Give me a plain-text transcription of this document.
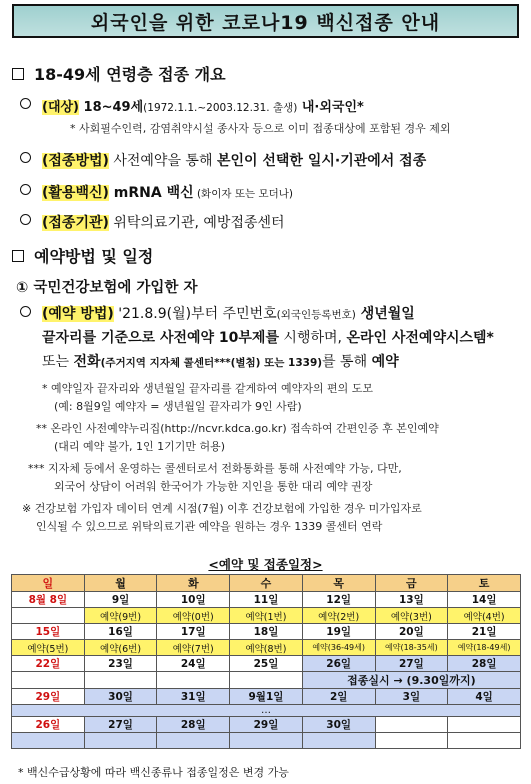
외국인을 위한 코로나19 백신접종 안내
18-49세 연령층 접종 개요
(대상) 18~49세(1972.1.1.~2003.12.31. 출생) 내·외국인*
* 사회필수인력, 감염취약시설 종사자 등으로 이미 접종대상에 포함된 경우 제외
(접종방법) 사전예약을 통해 본인이 선택한 일시·기관에서 접종
(활용백신) mRNA 백신 (화이자 또는 모더나)
(접종기관) 위탁의료기관, 예방접종센터
예약방법 및 일정
① 국민건강보험에 가입한 자
(예약 방법) '21.8.9(월)부터 주민번호(외국인등록번호) 생년월일
끝자리를 기준으로 사전예약 10부제를 시행하며, 온라인 사전예약시스템*
또는 전화(주거지역 지자체 콜센터***(별첨) 또는 1339)를 통해 예약
* 예약일자 끝자리와 생년월일 끝자리를 같게하여 예약자의 편의 도모
(예: 8월9일 예약자 = 생년월일 끝자리가 9인 사람)
** 온라인 사전예약누리집(http://ncvr.kdca.go.kr) 접속하여 간편인증 후 본인예약
(대리 예약 불가, 1인 1기기만 허용)
*** 지자체 등에서 운영하는 콜센터로서 전화통화를 통해 사전예약 가능, 다만,
외국어 상담이 어려워 한국어가 가능한 지인을 통한 대리 예약 권장
※ 건강보험 가입자 데이터 연계 시점(7월) 이후 건강보험에 가입한 경우 미가입자로
인식될 수 있으므로 위탁의료기관 예약을 원하는 경우 1339 콜센터 연락
<예약 및 접종일정>
일	월	화	수	목	금	토
8월 8일	9일	10일	11일	12일	13일	14일
	예약(9번)	예약(0번)	예약(1번)	예약(2번)	예약(3번)	예약(4번)
15일	16일	17일	18일	19일	20일	21일
예약(5번)	예약(6번)	예약(7번)	예약(8번)	예약(36-49세)	예약(18-35세)	예약(18-49세)
22일	23일	24일	25일	26일	27일	28일
				접종실시 → (9.30일까지)		
29일	30일	31일	9월1일	2일	3일	4일
…						
26일	27일	28일	29일	30일		

* 백신수급상황에 따라 백신종류나 접종일정은 변경 가능
